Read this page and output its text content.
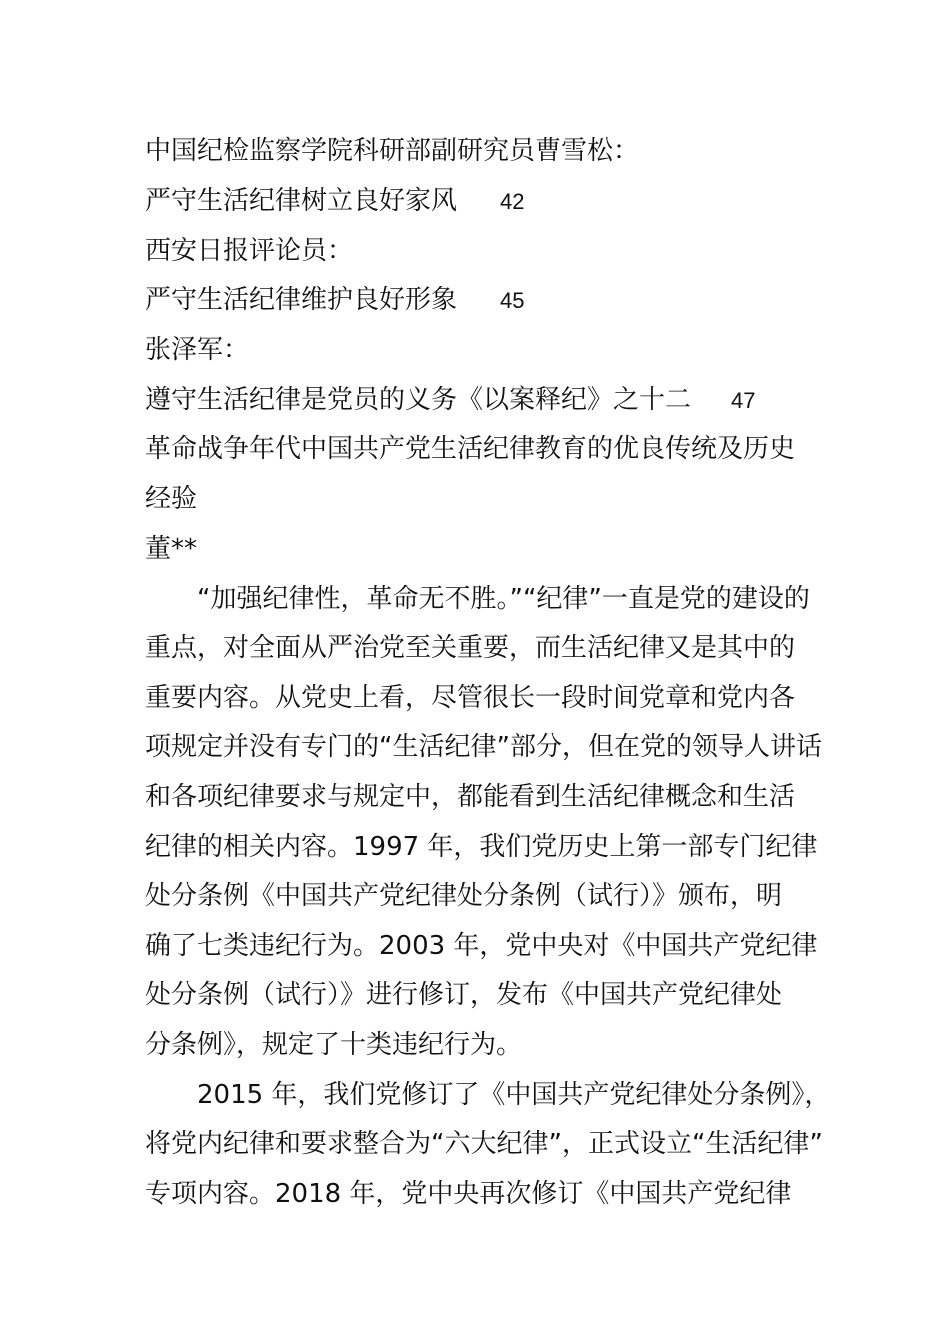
中国纪检监察学院科研部副研究员曹雪松：
严守生活纪律树立良好家风 42
西安日报评论员：
严守生活纪律维护良好形象 45
张泽军：
遵守生活纪律是党员的义务《以案释纪》之十二 47
革命战争年代中国共产党生活纪律教育的优良传统及历史
经验
董**
“加强纪律性，革命无不胜。”“纪律”一直是党的建设的
重点，对全面从严治党至关重要，而生活纪律又是其中的
重要内容。从党史上看，尽管很长一段时间党章和党内各
项规定并没有专门的“生活纪律”部分，但在党的领导人讲话
和各项纪律要求与规定中，都能看到生活纪律概念和生活
纪律的相关内容。1997 年，我们党历史上第一部专门纪律
处分条例《中国共产党纪律处分条例（试行）》颁布，明
确了七类违纪行为。2003 年，党中央对《中国共产党纪律
处分条例（试行）》进行修订，发布《中国共产党纪律处
分条例》，规定了十类违纪行为。
2015 年，我们党修订了《中国共产党纪律处分条例》，
将党内纪律和要求整合为“六大纪律”，正式设立“生活纪律”
专项内容。2018 年，党中央再次修订《中国共产党纪律
